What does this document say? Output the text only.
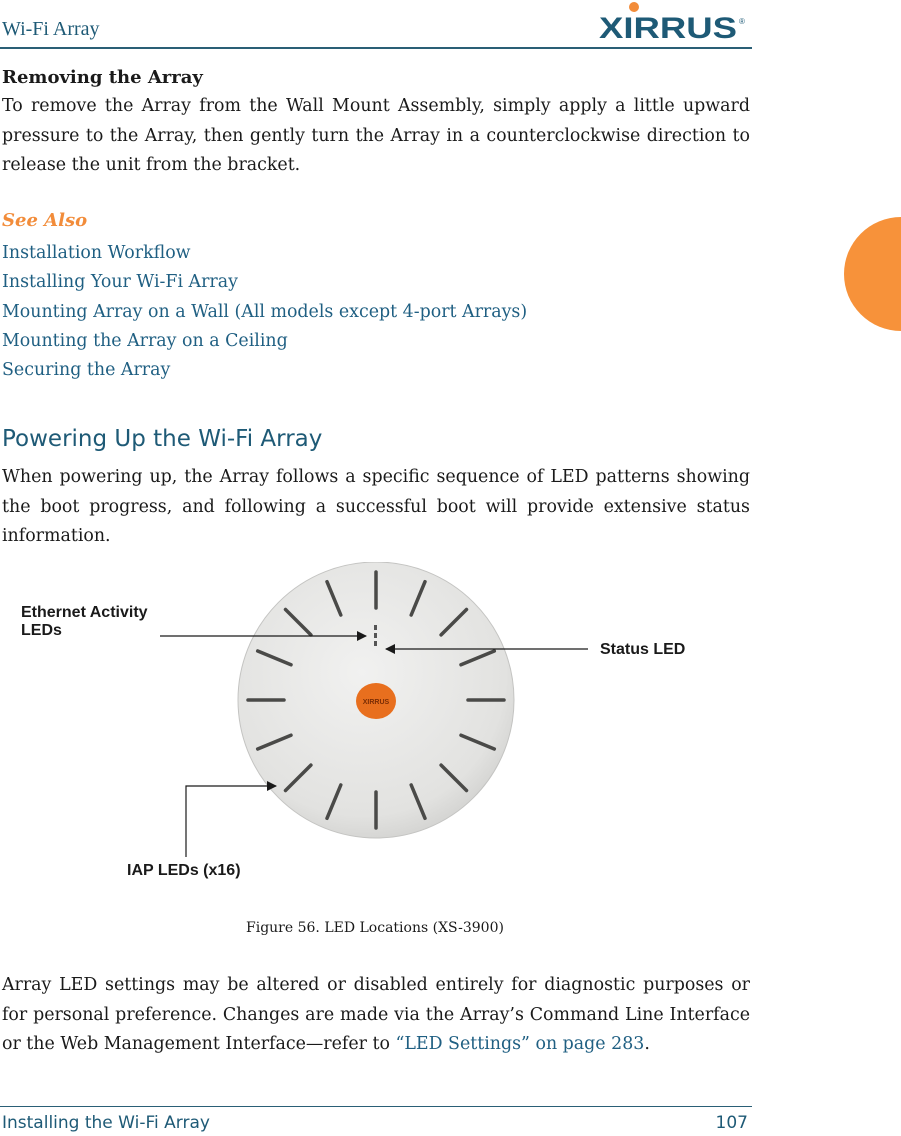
Wi-Fi Array	XIRRUS ®
Removing the Array
To remove the Array from the Wall Mount Assembly, simply apply a little upward pressure to the Array, then gently turn the Array in a counterclockwise direction to release the unit from the bracket.
See Also
Installation Workflow
Installing Your Wi-Fi Array
Mounting Array on a Wall (All models except 4-port Arrays)
Mounting the Array on a Ceiling
Securing the Array
Powering Up the Wi-Fi Array
When powering up, the Array follows a specific sequence of LED patterns showing the boot progress, and following a successful boot will provide extensive status information.
XIRRUS
Ethernet Activity
LEDs
Status LED
IAP LEDs (x16)
Figure 56. LED Locations (XS-3900)
Array LED settings may be altered or disabled entirely for diagnostic purposes or for personal preference. Changes are made via the Array’s Command Line Interface or the Web Management Interface—refer to “LED Settings” on page 283.
Installing the Wi-Fi Array	107
